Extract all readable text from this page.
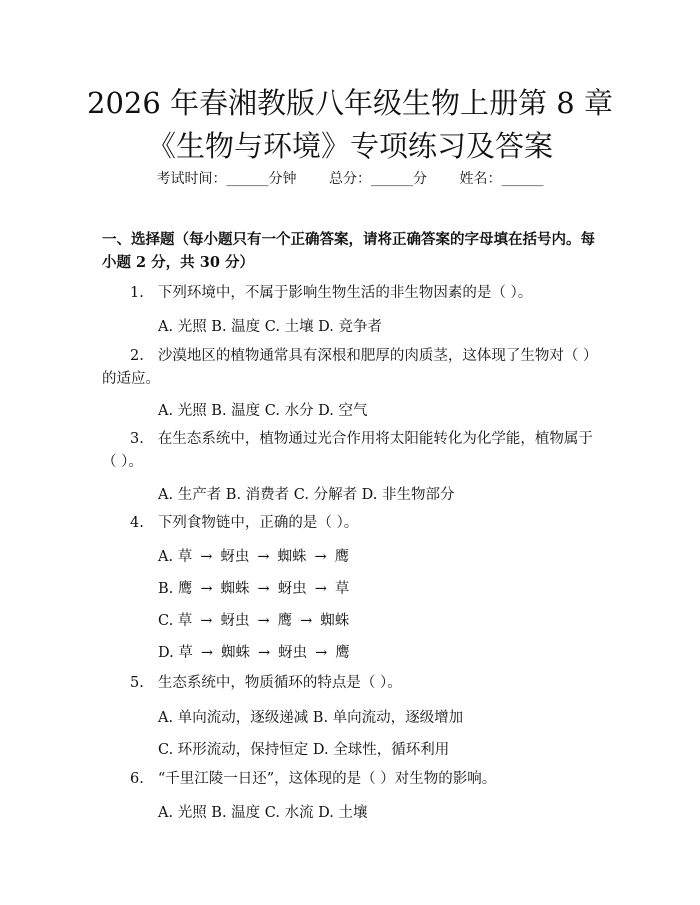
2026 年春湘教版八年级生物上册第 8 章《生物与环境》专项练习及答案
考试时间：______分钟 总分：______分 姓名：______

一、选择题（每小题只有一个正确答案，请将正确答案的字母填在括号内。每小题 2 分，共 30 分）

1. 下列环境中，不属于影响生物生活的非生物因素的是（ ）。
A. 光照 B. 温度 C. 土壤 D. 竞争者
2. 沙漠地区的植物通常具有深根和肥厚的肉质茎，这体现了生物对（ ）的适应。
A. 光照 B. 温度 C. 水分 D. 空气
3. 在生态系统中，植物通过光合作用将太阳能转化为化学能，植物属于（ ）。
A. 生产者 B. 消费者 C. 分解者 D. 非生物部分
4. 下列食物链中，正确的是（ ）。
A. 草 → 蚜虫 → 蜘蛛 → 鹰
B. 鹰 → 蜘蛛 → 蚜虫 → 草
C. 草 → 蚜虫 → 鹰 → 蜘蛛
D. 草 → 蜘蛛 → 蚜虫 → 鹰
5. 生态系统中，物质循环的特点是（ ）。
A. 单向流动，逐级递减 B. 单向流动，逐级增加
C. 环形流动，保持恒定 D. 全球性，循环利用
6. “千里江陵一日还”，这体现的是（ ）对生物的影响。
A. 光照 B. 温度 C. 水流 D. 土壤
